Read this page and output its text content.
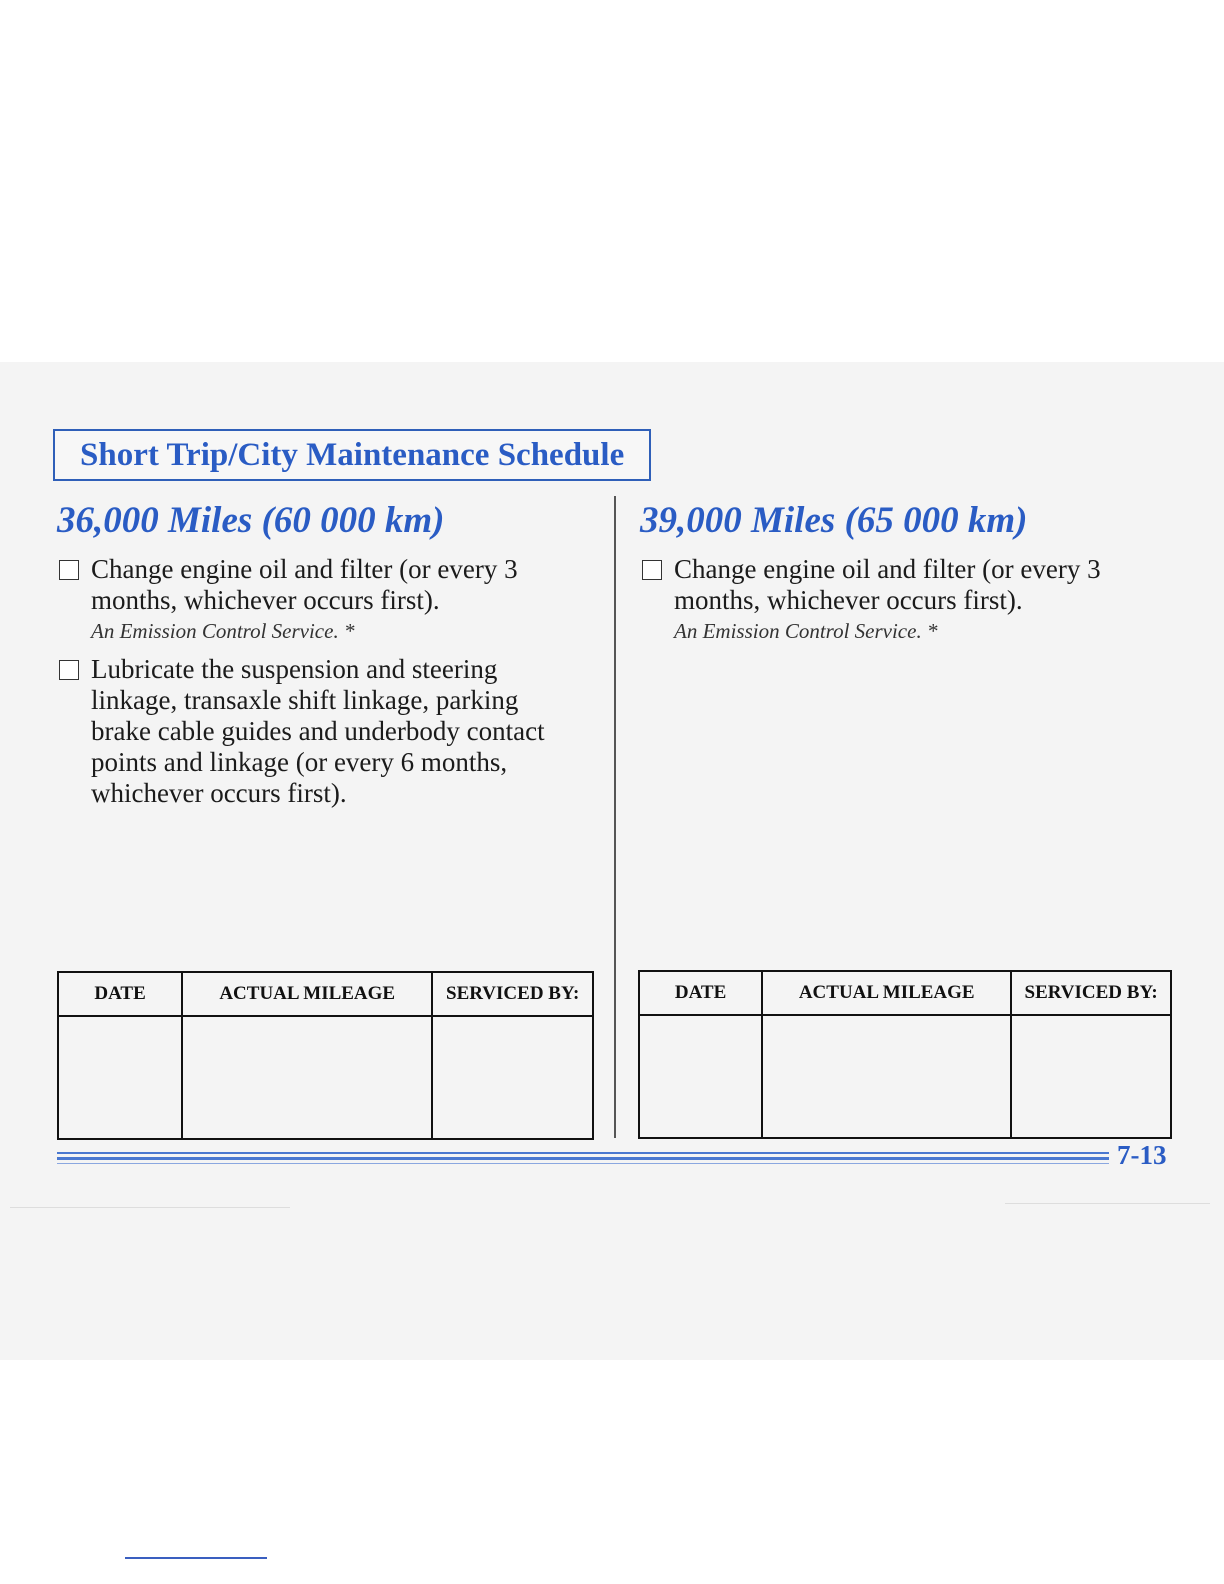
Short Trip/City Maintenance Schedule
36,000 Miles (60 000 km)
Change engine oil and filter (or every 3 months, whichever occurs first).
An Emission Control Service. *
Lubricate the suspension and steering linkage, transaxle shift linkage, parking brake cable guides and underbody contact points and linkage (or every 6 months, whichever occurs first).
39,000 Miles (65 000 km)
Change engine oil and filter (or every 3 months, whichever occurs first).
An Emission Control Service. *
DATE	ACTUAL MILEAGE	SERVICED BY:
			DATE	ACTUAL MILEAGE	SERVICED BY:

7-13
